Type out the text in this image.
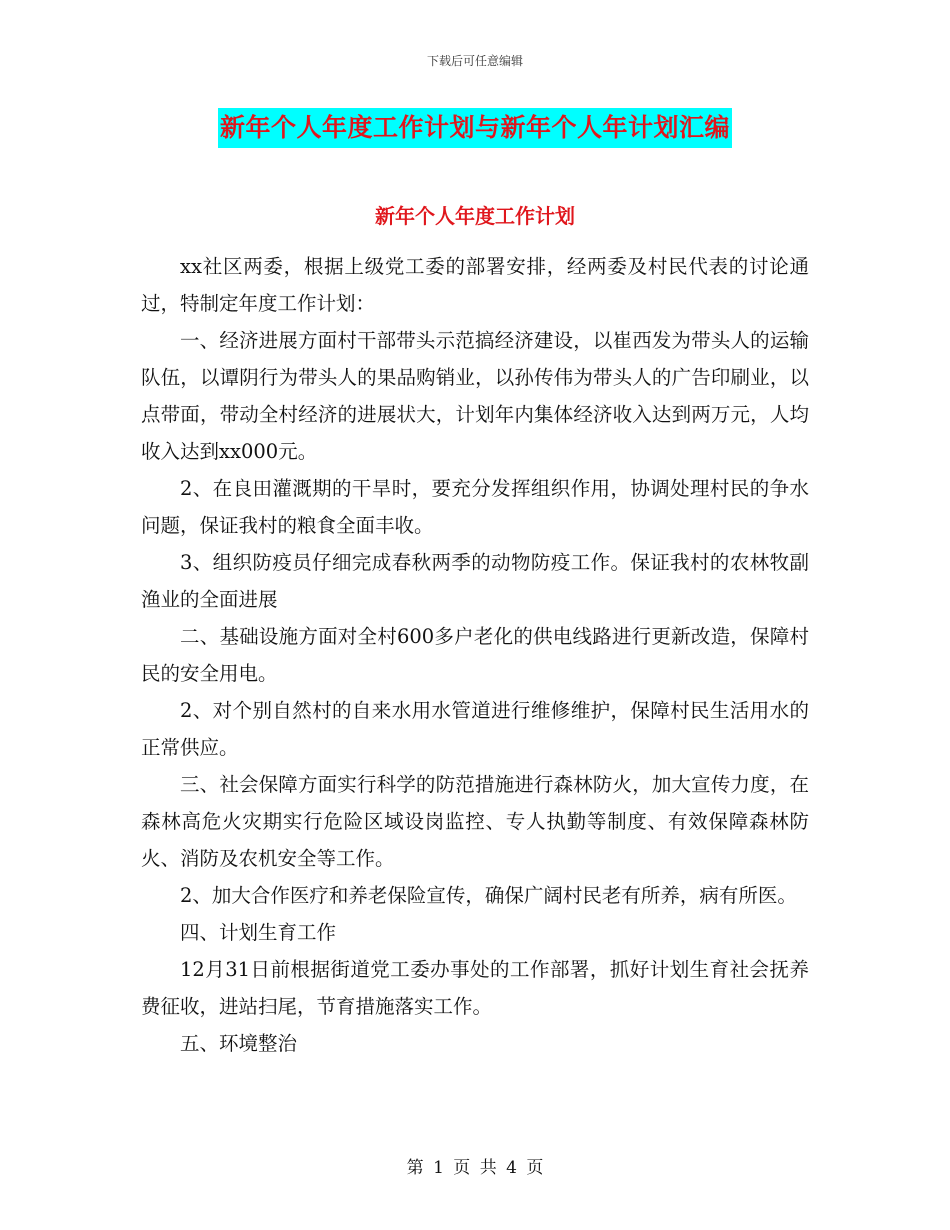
下载后可任意编辑
新年个人年度工作计划与新年个人年计划汇编
新年个人年度工作计划

xx社区两委，根据上级党工委的部署安排，经两委及村民代表的讨论通过，特制定年度工作计划：

一、经济进展方面村干部带头示范搞经济建设，以崔西发为带头人的运输队伍，以谭阴行为带头人的果品购销业，以孙传伟为带头人的广告印刷业，以点带面，带动全村经济的进展状大，计划年内集体经济收入达到两万元，人均收入达到xx000元。

2、在良田灌溉期的干旱时，要充分发挥组织作用，协调处理村民的争水问题，保证我村的粮食全面丰收。

3、组织防疫员仔细完成春秋两季的动物防疫工作。保证我村的农林牧副渔业的全面进展

二、基础设施方面对全村600多户老化的供电线路进行更新改造，保障村民的安全用电。

2、对个别自然村的自来水用水管道进行维修维护，保障村民生活用水的正常供应。

三、社会保障方面实行科学的防范措施进行森林防火，加大宣传力度，在森林高危火灾期实行危险区域设岗监控、专人执勤等制度、有效保障森林防火、消防及农机安全等工作。

2、加大合作医疗和养老保险宣传，确保广阔村民老有所养，病有所医。

四、计划生育工作

12月31日前根据街道党工委办事处的工作部署，抓好计划生育社会抚养费征收，进站扫尾，节育措施落实工作。

五、环境整治

第 1 页 共 4 页
